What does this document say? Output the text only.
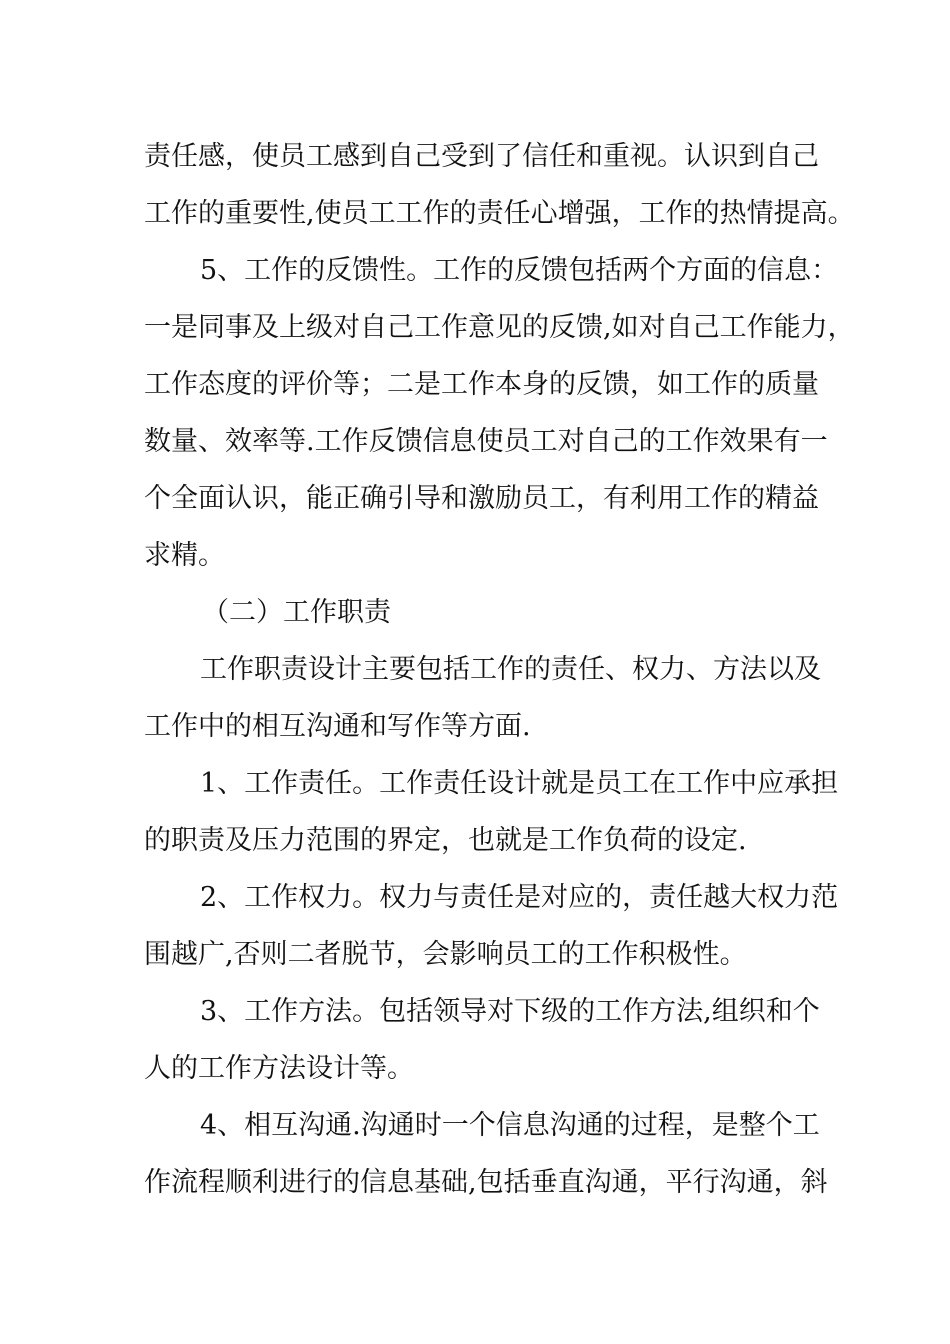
责任感，使员工感到自己受到了信任和重视。认识到自己
工作的重要性,使员工工作的责任心增强，工作的热情提高。
5、工作的反馈性。工作的反馈包括两个方面的信息：
一是同事及上级对自己工作意见的反馈,如对自己工作能力，
工作态度的评价等；二是工作本身的反馈，如工作的质量
数量、效率等.工作反馈信息使员工对自己的工作效果有一
个全面认识，能正确引导和激励员工，有利用工作的精益
求精。
（二）工作职责
工作职责设计主要包括工作的责任、权力、方法以及
工作中的相互沟通和写作等方面.
1、工作责任。工作责任设计就是员工在工作中应承担
的职责及压力范围的界定，也就是工作负荷的设定.
2、工作权力。权力与责任是对应的，责任越大权力范
围越广,否则二者脱节，会影响员工的工作积极性。
3、工作方法。包括领导对下级的工作方法,组织和个
人的工作方法设计等。
4、相互沟通.沟通时一个信息沟通的过程，是整个工
作流程顺利进行的信息基础,包括垂直沟通，平行沟通，斜
